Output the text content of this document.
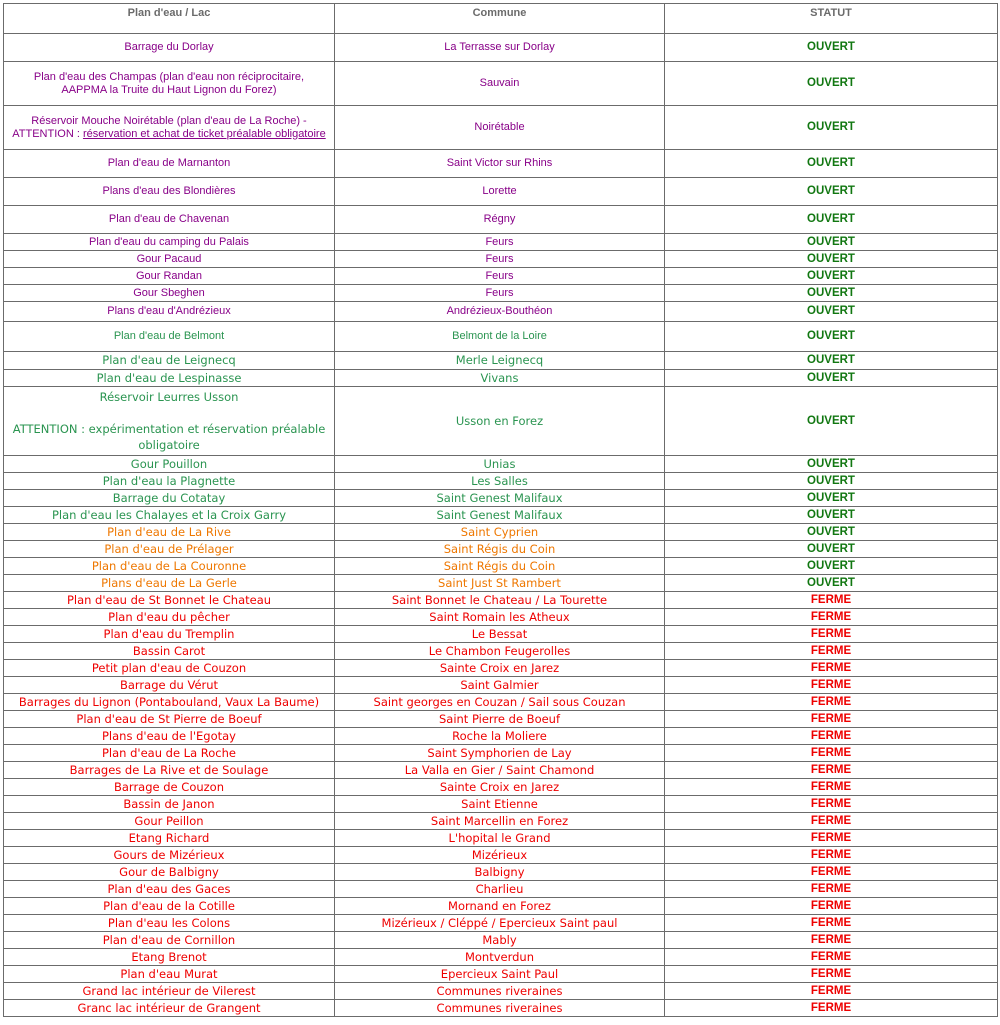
Plan d'eau / Lac	Commune	STATUT
Barrage du Dorlay	La Terrasse sur Dorlay	OUVERT
Plan d'eau des Champas (plan d'eau non réciprocitaire,
AAPPMA la Truite du Haut Lignon du Forez)	Sauvain	OUVERT
Réservoir Mouche Noirétable (plan d'eau de La Roche) -
ATTENTION : réservation et achat de ticket préalable obligatoire	Noirétable	OUVERT
Plan d'eau de Marnanton	Saint Victor sur Rhins	OUVERT
Plans d'eau des Blondières	Lorette	OUVERT
Plan d'eau de Chavenan	Régny	OUVERT
Plan d'eau du camping du Palais	Feurs	OUVERT
Gour Pacaud	Feurs	OUVERT
Gour Randan	Feurs	OUVERT
Gour Sbeghen	Feurs	OUVERT
Plans d'eau d'Andrézieux	Andrézieux-Bouthéon	OUVERT
Plan d'eau de Belmont	Belmont de la Loire	OUVERT
Plan d'eau de Leignecq	Merle Leignecq	OUVERT
Plan d'eau de Lespinasse	Vivans	OUVERT
Réservoir Leurres Usson

ATTENTION : expérimentation et réservation préalable
obligatoire	Usson en Forez	OUVERT
Gour Pouillon	Unias	OUVERT
Plan d'eau la Plagnette	Les Salles	OUVERT
Barrage du Cotatay	Saint Genest Malifaux	OUVERT
Plan d'eau les Chalayes et la Croix Garry	Saint Genest Malifaux	OUVERT
Plan d'eau de La Rive	Saint Cyprien	OUVERT
Plan d'eau de Prélager	Saint Régis du Coin	OUVERT
Plan d'eau de La Couronne	Saint Régis du Coin	OUVERT
Plans d'eau de La Gerle	Saint Just St Rambert	OUVERT
Plan d'eau de St Bonnet le Chateau	Saint Bonnet le Chateau / La Tourette	FERME
Plan d'eau du pêcher	Saint Romain les Atheux	FERME
Plan d'eau du Tremplin	Le Bessat	FERME
Bassin Carot	Le Chambon Feugerolles	FERME
Petit plan d'eau de Couzon	Sainte Croix en Jarez	FERME
Barrage du Vérut	Saint Galmier	FERME
Barrages du Lignon (Pontabouland, Vaux La Baume)	Saint georges en Couzan / Sail sous Couzan	FERME
Plan d'eau de St Pierre de Boeuf	Saint Pierre de Boeuf	FERME
Plans d'eau de l'Egotay	Roche la Moliere	FERME
Plan d'eau de La Roche	Saint Symphorien de Lay	FERME
Barrages de La Rive et de Soulage	La Valla en Gier / Saint Chamond	FERME
Barrage de Couzon	Sainte Croix en Jarez	FERME
Bassin de Janon	Saint Etienne	FERME
Gour Peillon	Saint Marcellin en Forez	FERME
Etang Richard	L'hopital le Grand	FERME
Gours de Mizérieux	Mizérieux	FERME
Gour de Balbigny	Balbigny	FERME
Plan d'eau des Gaces	Charlieu	FERME
Plan d'eau de la Cotille	Mornand en Forez	FERME
Plan d'eau les Colons	Mizérieux / Cléppé / Epercieux Saint paul	FERME
Plan d'eau de Cornillon	Mably	FERME
Etang Brenot	Montverdun	FERME
Plan d'eau Murat	Epercieux Saint Paul	FERME
Grand lac intérieur de Vilerest	Communes riveraines	FERME
Granc lac intérieur de Grangent	Communes riveraines	FERME
